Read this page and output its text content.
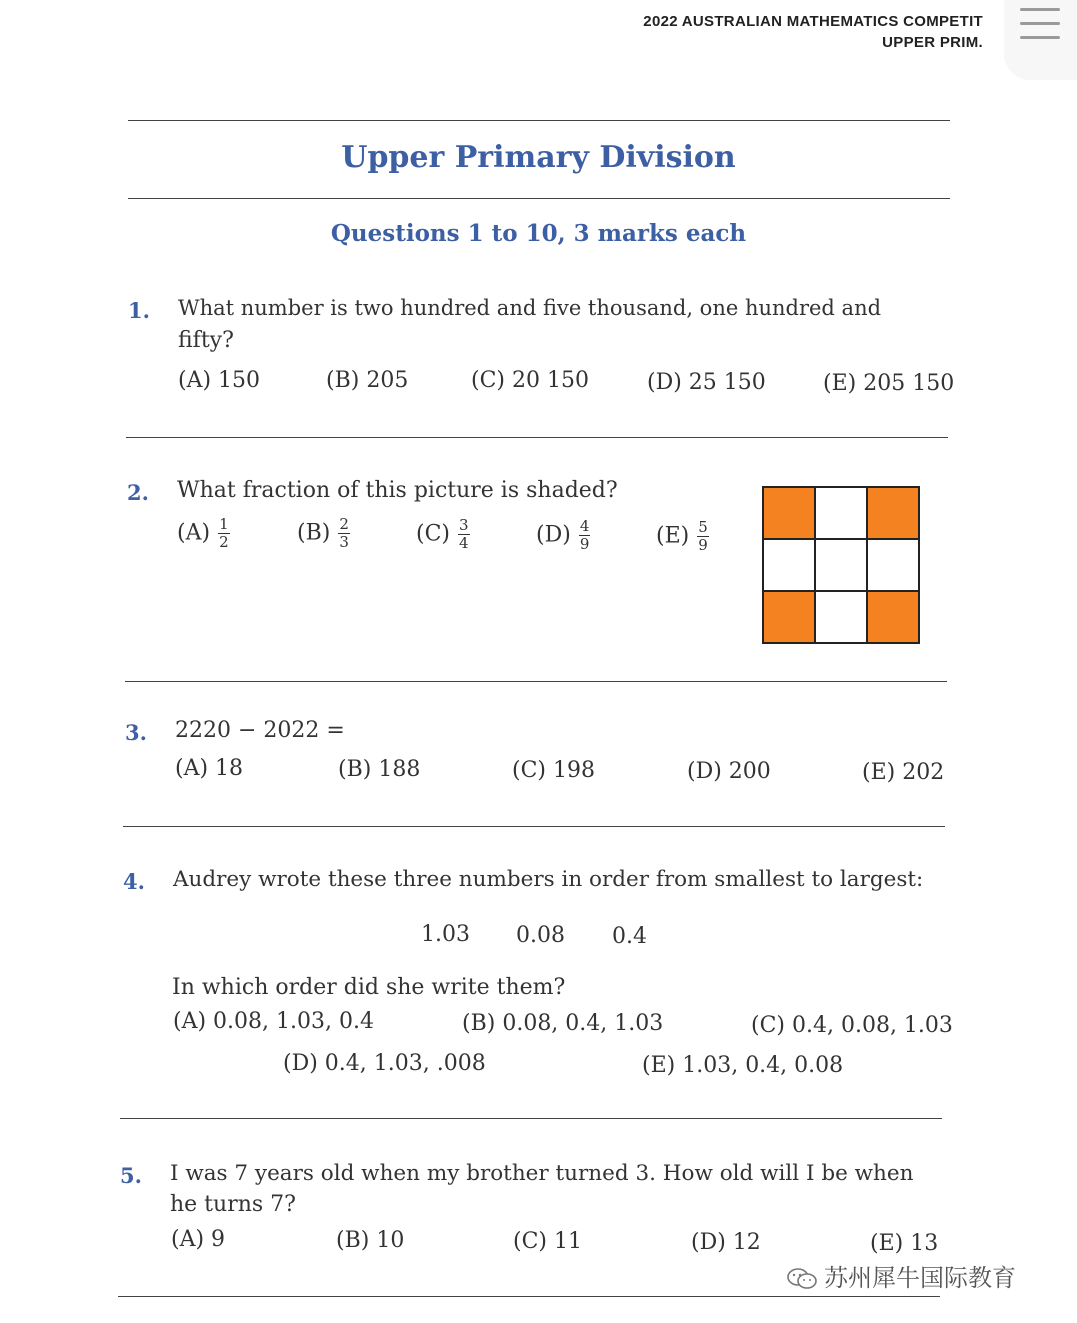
2022 AUSTRALIAN MATHEMATICS COMPETIT
UPPER PRIM.
Upper Primary Division
Questions 1 to 10, 3 marks each
1. What number is two hundred and five thousand, one hundred and
fifty?
(A) 150	(B) 205	(C) 20 150	(D) 25 150	(E) 205 150
2. What fraction of this picture is shaded?
$(A) \frac{1}{2}$	$(B) \frac{2}{3}$	$(C) \frac{3}{4}$	$(D) \frac{4}{9}$	$(E) \frac{5}{9}$
3. 2220 − 2022 =
(A) 18	(B) 188	(C) 198	(D) 200	(E) 202
4. Audrey wrote these three numbers in order from smallest to largest:
1.03 0.08 0.4
In which order did she write them?
(A) 0.08, 1.03, 0.4	(B) 0.08, 0.4, 1.03	(C) 0.4, 0.08, 1.03
(D) 0.4, 1.03, .008	(E) 1.03, 0.4, 0.08
5. I was 7 years old when my brother turned 3. How old will I be when
he turns 7?
(A) 9	(B) 10	(C) 11	(D) 12	(E) 13
苏州犀牛国际教育
